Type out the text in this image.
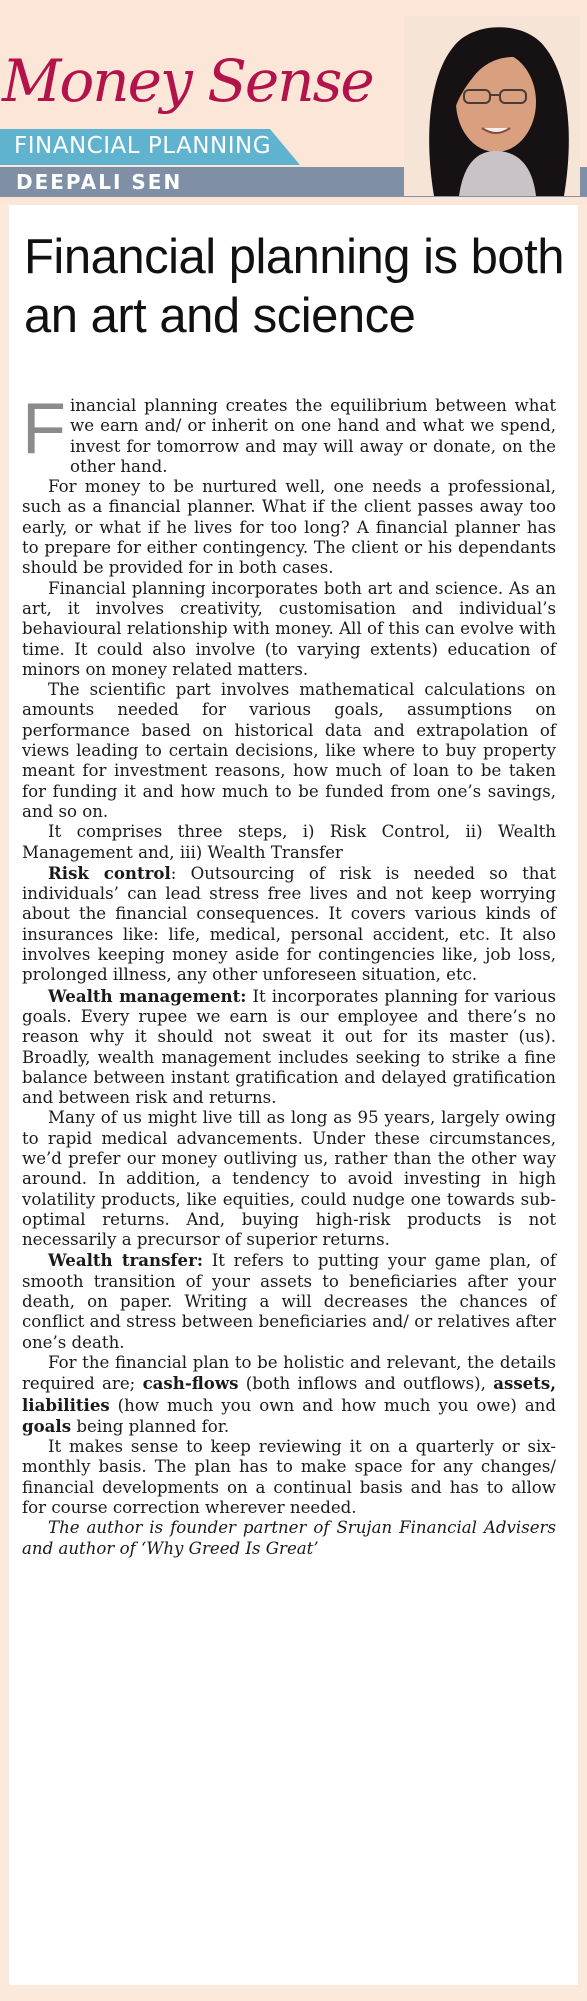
Money Sense
FINANCIAL PLANNING
DEEPALI SEN
Financial planning is both an art and science

Financial planning creates the equilibrium between what we earn and/ or inherit on one hand and what we spend, invest for tomorrow and may will away or donate, on the other hand.

For money to be nurtured well, one needs a professional, such as a financial planner. What if the client passes away too early, or what if he lives for too long? A financial planner has to prepare for either contingency. The client or his dependants should be provided for in both cases.

Financial planning incorporates both art and science. As an art, it involves creativity, customisation and individual’s behavioural relationship with money. All of this can evolve with time. It could also involve (to varying extents) education of minors on money related matters.

The scientific part involves mathematical calculations on amounts needed for various goals, assumptions on performance based on historical data and extrapolation of views leading to certain decisions, like where to buy property meant for investment reasons, how much of loan to be taken for funding it and how much to be funded from one’s savings, and so on.

It comprises three steps, i) Risk Control, ii) Wealth Management and, iii) Wealth Transfer

Risk control: Outsourcing of risk is needed so that individuals’ can lead stress free lives and not keep worrying about the financial consequences. It covers various kinds of insurances like: life, medical, personal accident, etc. It also involves keeping money aside for contingencies like, job loss, prolonged illness, any other unforeseen situation, etc.

Wealth management: It incorporates planning for various goals. Every rupee we earn is our employee and there’s no reason why it should not sweat it out for its master (us). Broadly, wealth management includes seeking to strike a fine balance between instant gratification and delayed gratification and between risk and returns.

Many of us might live till as long as 95 years, largely owing to rapid medical advancements. Under these circumstances, we’d prefer our money outliving us, rather than the other way around. In addition, a tendency to avoid investing in high volatility products, like equities, could nudge one towards sub-optimal returns. And, buying high-risk products is not necessarily a precursor of superior returns.

Wealth transfer: It refers to putting your game plan, of smooth transition of your assets to beneficiaries after your death, on paper. Writing a will decreases the chances of conflict and stress between beneficiaries and/ or relatives after one’s death.

For the financial plan to be holistic and relevant, the details required are; cash-flows (both inflows and outflows), assets, liabilities (how much you own and how much you owe) and goals being planned for.

It makes sense to keep reviewing it on a quarterly or six-monthly basis. The plan has to make space for any changes/ financial developments on a continual basis and has to allow for course correction wherever needed.

The author is founder partner of Srujan Financial Advisers and author of ‘Why Greed Is Great’
